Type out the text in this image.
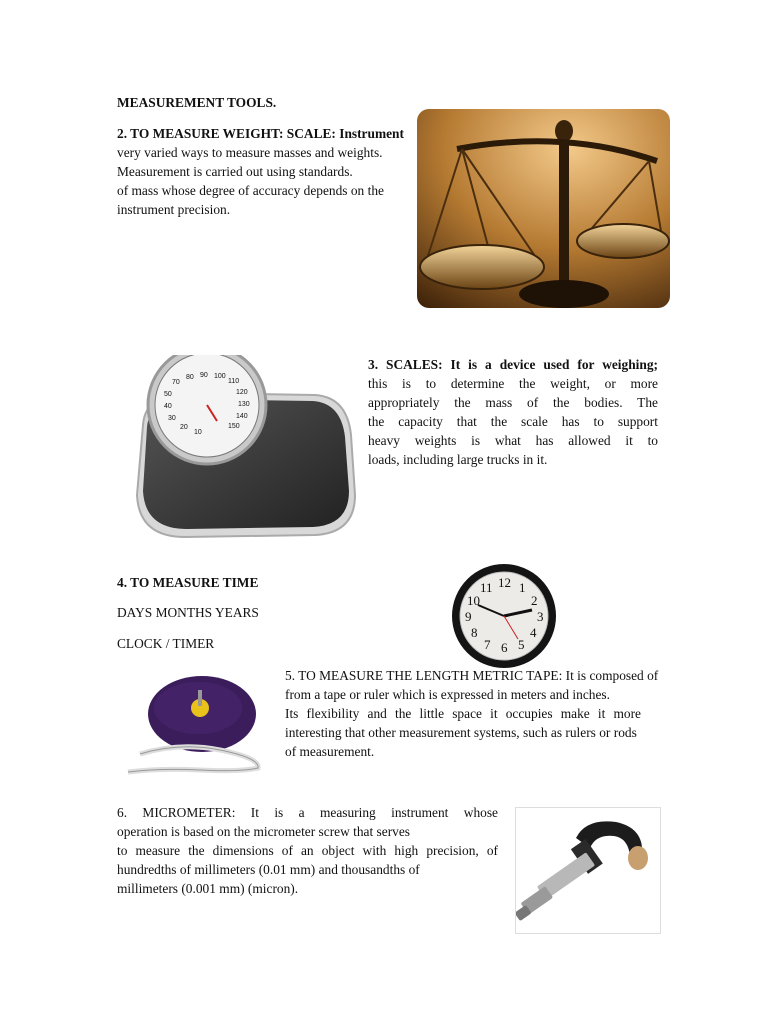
MEASUREMENT TOOLS.
2. TO MEASURE WEIGHT: SCALE: Instrument
very varied ways to measure masses and weights.
Measurement is carried out using standards.
of mass whose degree of accuracy depends on the
instrument precision.
70
80 90 100
110
120
130
140
150
50
40
30
20
10
3. SCALES: It is a device used for weighing;
this is to determine the weight, or more
appropriately the mass of the bodies. The
the capacity that the scale has to support
heavy weights is what has allowed it to
loads, including large trucks in it.
4. TO MEASURE TIME
DAYS MONTHS YEARS
CLOCK / TIMER
12 1
2
3
4
5
6
7
8
9
10
11
5. TO MEASURE THE LENGTH METRIC TAPE: It is composed of
from a tape or ruler which is expressed in meters and inches.
Its flexibility and the little space it occupies make it more
interesting that other measurement systems, such as rulers or rods
of measurement.
6. MICROMETER: It is a measuring instrument whose
operation is based on the micrometer screw that serves
to measure the dimensions of an object with high precision, of
hundredths of millimeters (0.01 mm) and thousandths of
millimeters (0.001 mm) (micron).
